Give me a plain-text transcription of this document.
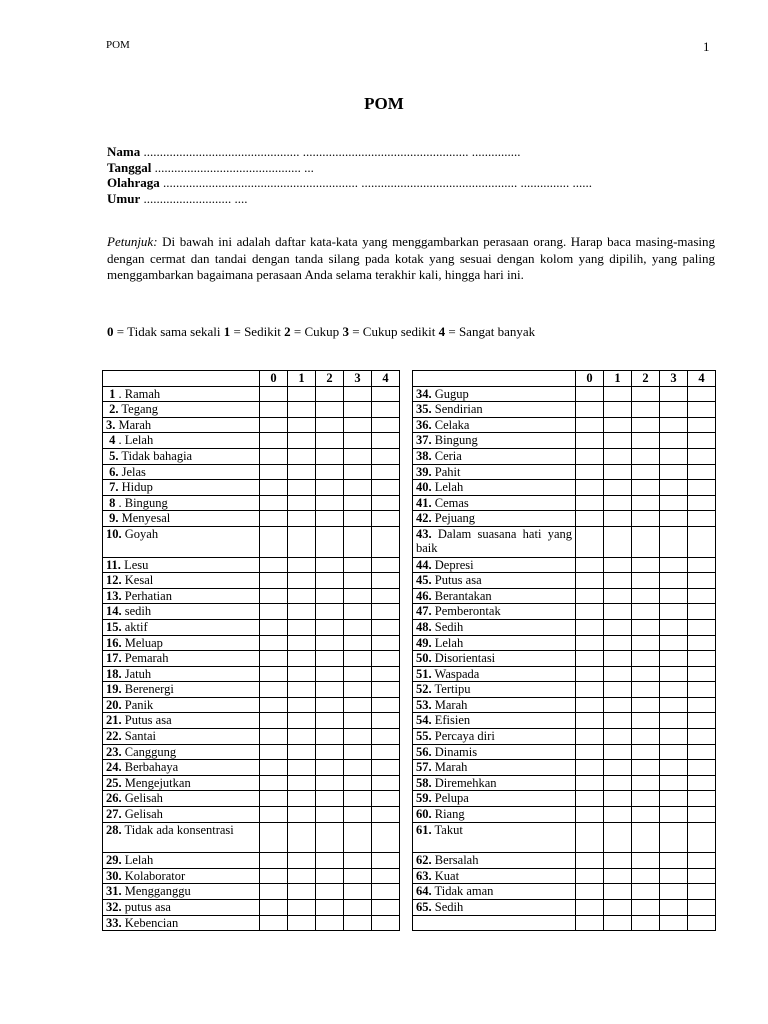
POM	1
POM
Nama ................................................ ................................................... ...............
Tanggal ............................................. ...
Olahraga ............................................................ ................................................ ............... ......
Umur ........................... ....
Petunjuk: Di bawah ini adalah daftar kata-kata yang menggambarkan perasaan orang. Harap baca masing-masing dengan cermat dan tandai dengan tanda silang pada kotak yang sesuai dengan kolom yang dipilih, yang paling menggambarkan bagaimana perasaan Anda selama terakhir kali, hingga hari ini.
0 = Tidak sama sekali 1 = Sedikit 2 = Cukup 3 = Cukup sedikit 4 = Sangat banyak
	0	1	2	3	4
1 . Ramah					
2. Tegang					
3. Marah					
4 . Lelah					
5. Tidak bahagia					
6. Jelas					
7. Hidup					
8 . Bingung					
9. Menyesal					
10. Goyah					
11. Lesu					
12. Kesal					
13. Perhatian					
14. sedih					
15. aktif					
16. Meluap					
17. Pemarah					
18. Jatuh					
19. Berenergi					
20. Panik					
21. Putus asa					
22. Santai					
23. Canggung					
24. Berbahaya					
25. Mengejutkan					
26. Gelisah					
27. Gelisah					
28. Tidak ada konsentrasi					
29. Lelah					
30. Kolaborator					
31. Mengganggu					
32. putus asa					
33. Kebencian					
	0	1	2	3	4
34. Gugup					
35. Sendirian					
36. Celaka					
37. Bingung					
38. Ceria					
39. Pahit					
40. Lelah					
41. Cemas					
42. Pejuang					
43. Dalam suasana hati yang baik					
44. Depresi					
45. Putus asa					
46. Berantakan					
47. Pemberontak					
48. Sedih					
49. Lelah					
50. Disorientasi					
51. Waspada					
52. Tertipu					
53. Marah					
54. Efisien					
55. Percaya diri					
56. Dinamis					
57. Marah					
58. Diremehkan					
59. Pelupa					
60. Riang					
61. Takut					
62. Bersalah					
63. Kuat					
64. Tidak aman					
65. Sedih					
